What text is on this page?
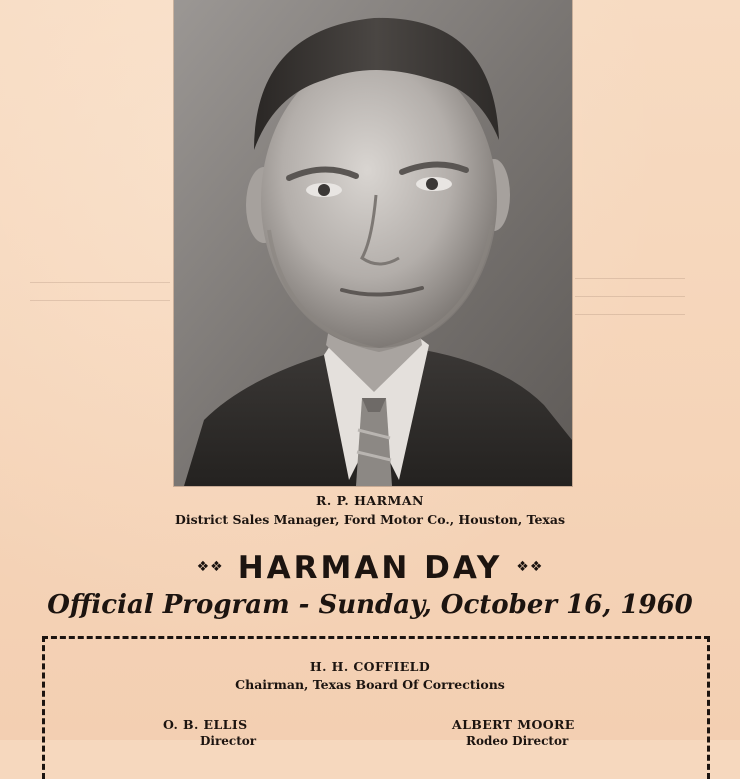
R. P. HARMAN
District Sales Manager, Ford Motor Co., Houston, Texas
❖❖ HARMAN DAY ❖❖
Official Program - Sunday, October 16, 1960
H. H. COFFIELD
Chairman, Texas Board Of Corrections
O. B. ELLIS
Director
ALBERT MOORE
Rodeo Director
